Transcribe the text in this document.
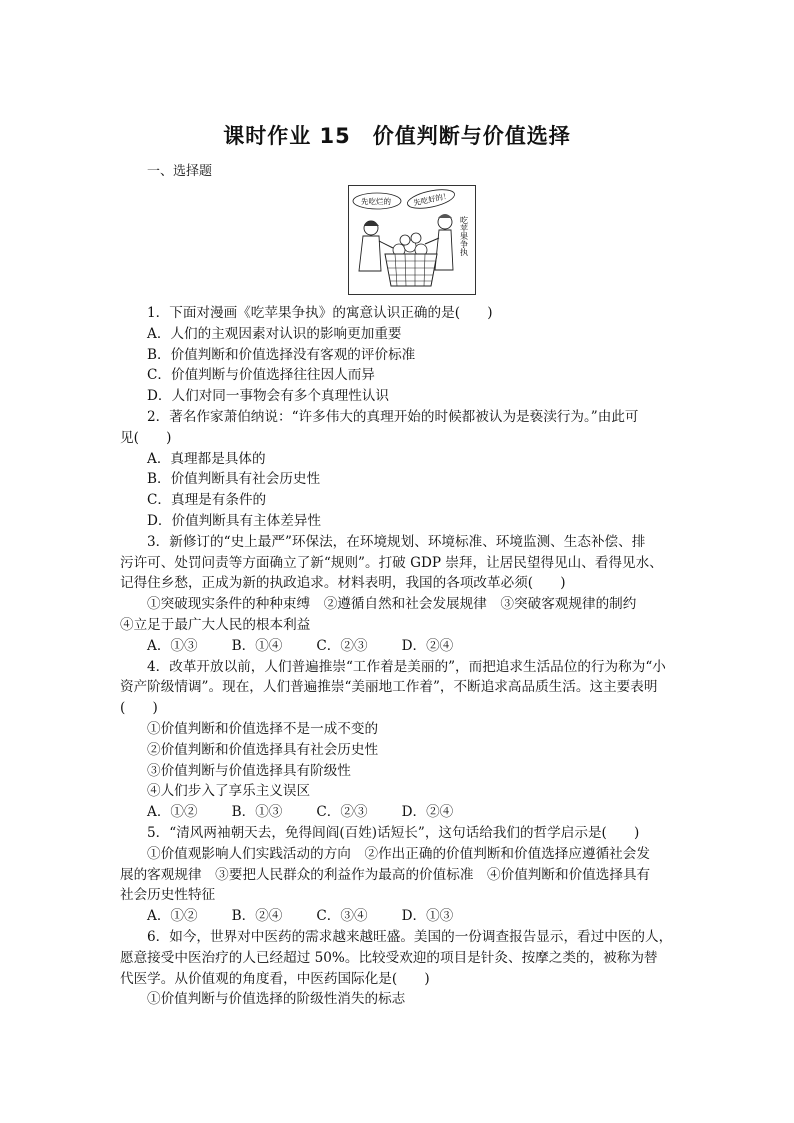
课时作业 15　价值判断与价值选择
一、选择题
先吃烂的	先吃好的！
吃苹果争执
1．下面对漫画《吃苹果争执》的寓意认识正确的是(　　)
A．人们的主观因素对认识的影响更加重要
B．价值判断和价值选择没有客观的评价标准
C．价值判断与价值选择往往因人而异
D．人们对同一事物会有多个真理性认识
2．著名作家萧伯纳说：“许多伟大的真理开始的时候都被认为是亵渎行为。”由此可
见(　　)
A．真理都是具体的
B．价值判断具有社会历史性
C．真理是有条件的
D．价值判断具有主体差异性
3．新修订的“史上最严”环保法，在环境规划、环境标准、环境监测、生态补偿、排
污许可、处罚问责等方面确立了新“规则”。打破 GDP 崇拜，让居民望得见山、看得见水、
记得住乡愁，正成为新的执政追求。材料表明，我国的各项改革必须(　　)
①突破现实条件的种种束缚　②遵循自然和社会发展规律　③突破客观规律的制约
④立足于最广大人民的根本利益
A．①③	B．①④	C．②③	D．②④
4．改革开放以前，人们普遍推崇“工作着是美丽的”，而把追求生活品位的行为称为“小
资产阶级情调”。现在，人们普遍推崇“美丽地工作着”，不断追求高品质生活。这主要表明
(　　)
①价值判断和价值选择不是一成不变的
②价值判断和价值选择具有社会历史性
③价值判断与价值选择具有阶级性
④人们步入了享乐主义误区
A．①②	B．①③	C．②③	D．②④
5．“清风两袖朝天去，免得闾阎(百姓)话短长”，这句话给我们的哲学启示是(　　)
①价值观影响人们实践活动的方向　②作出正确的价值判断和价值选择应遵循社会发
展的客观规律　③要把人民群众的利益作为最高的价值标准　④价值判断和价值选择具有
社会历史性特征
A．①②	B．②④	C．③④	D．①③
6．如今，世界对中医药的需求越来越旺盛。美国的一份调查报告显示，看过中医的人，
愿意接受中医治疗的人已经超过 50%。比较受欢迎的项目是针灸、按摩之类的，被称为替
代医学。从价值观的角度看，中医药国际化是(　　)
①价值判断与价值选择的阶级性消失的标志
